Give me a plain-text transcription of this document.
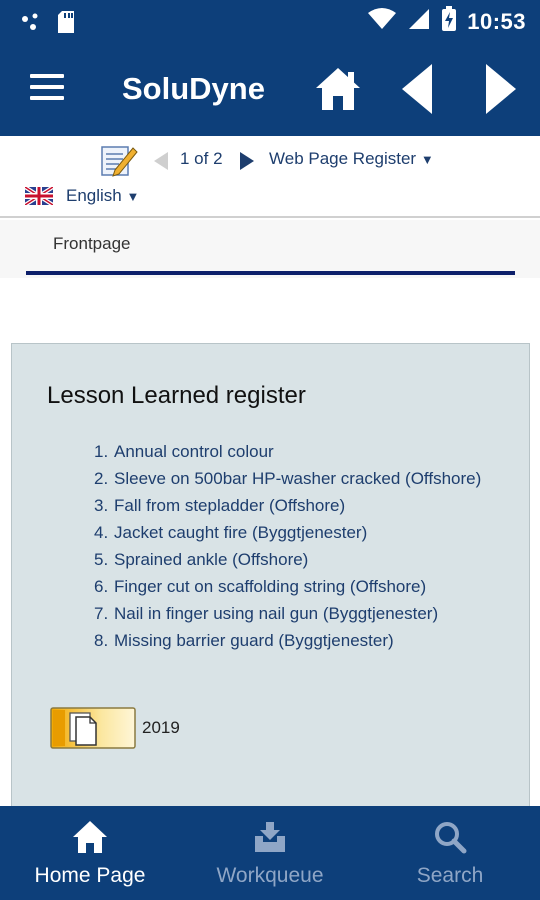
10:53
SoluDyne
1 of 2	Web Page Register ▼
English ▼
Frontpage
Lesson Learned register
1. Annual control colour
2. Sleeve on 500bar HP-washer cracked (Offshore)
3. Fall from stepladder (Offshore)
4. Jacket caught fire (Byggtjenester)
5. Sprained ankle (Offshore)
6. Finger cut on scaffolding string (Offshore)
7. Nail in finger using nail gun (Byggtjenester)
8. Missing barrier guard (Byggtjenester)
2019
Home Page	Workqueue	Search
